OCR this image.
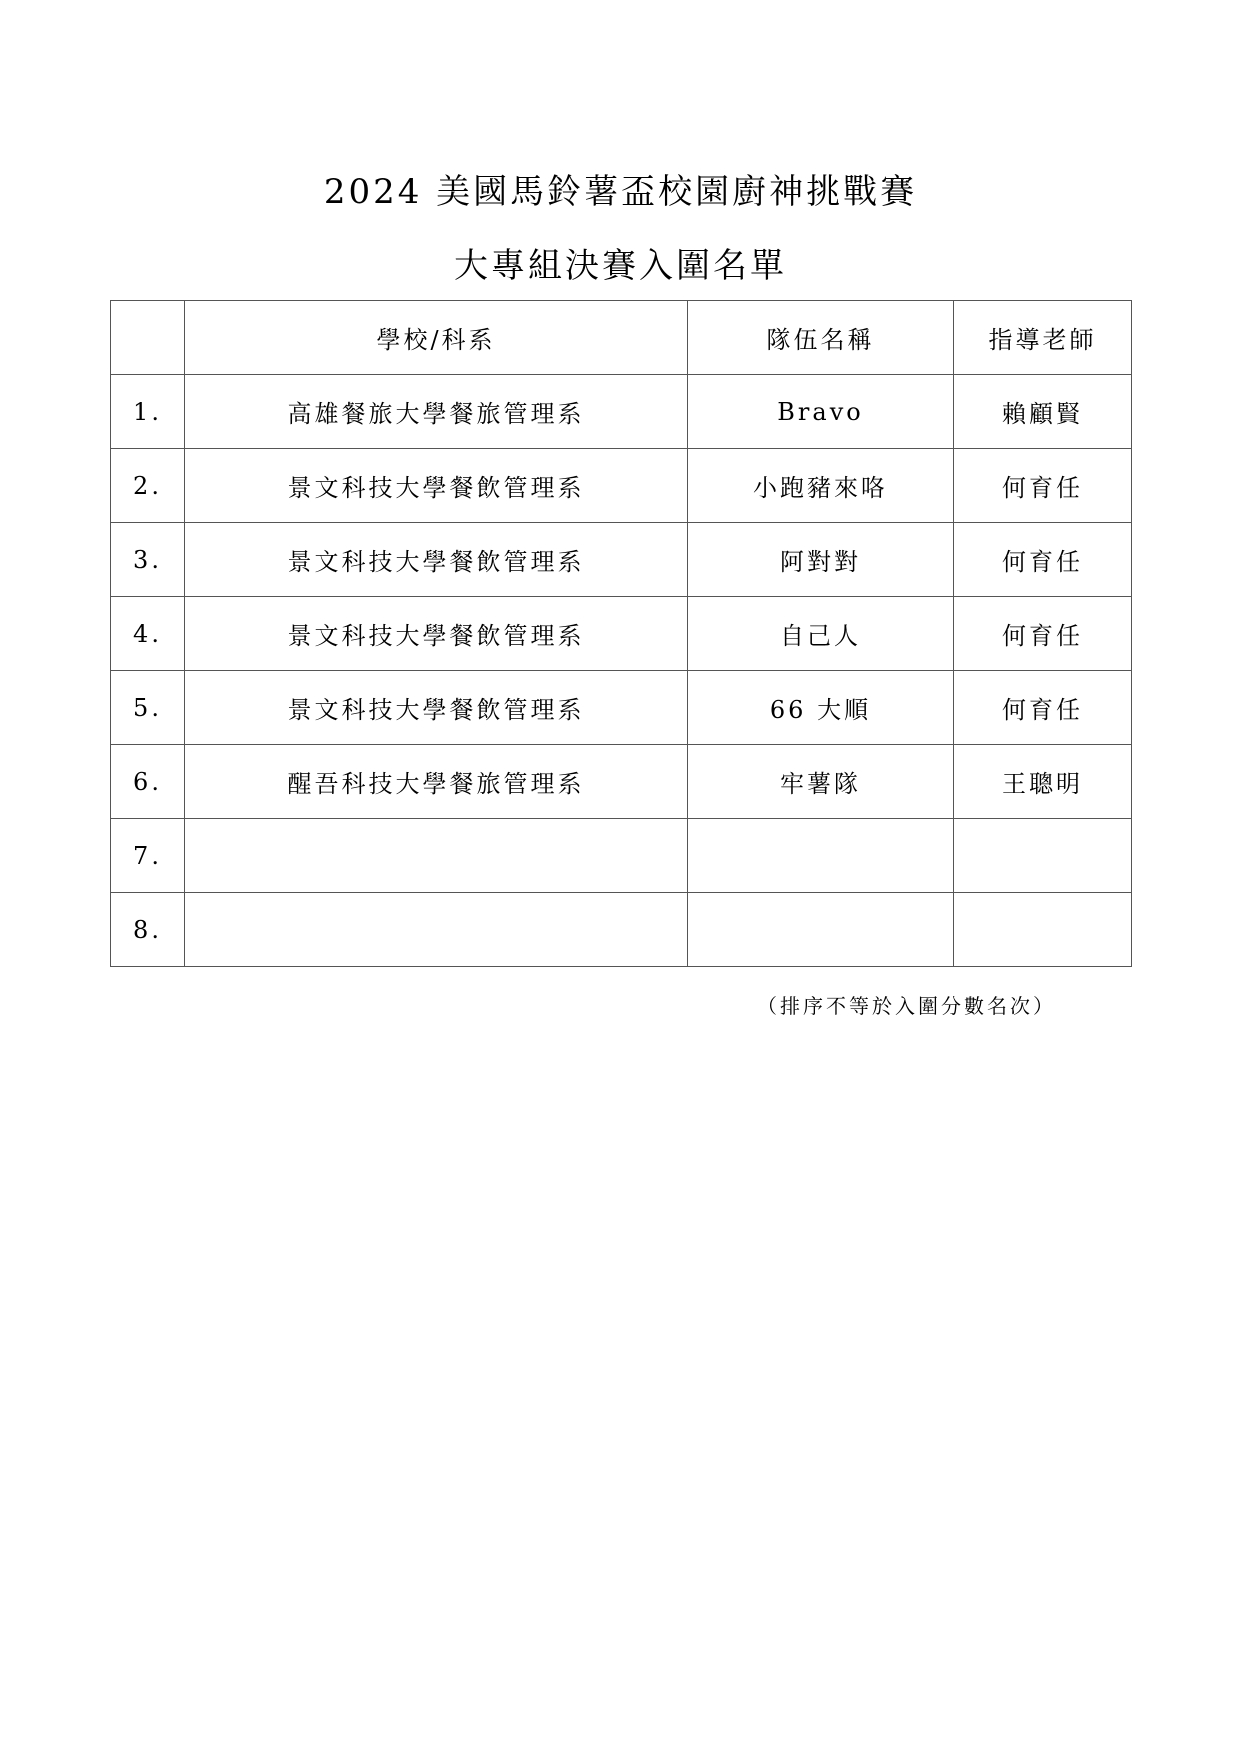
2024 美國馬鈴薯盃校園廚神挑戰賽
大專組決賽入圍名單
	學校/科系	隊伍名稱	指導老師
1.	高雄餐旅大學餐旅管理系	Bravo	賴顧賢
2.	景文科技大學餐飲管理系	小跑豬來咯	何育任
3.	景文科技大學餐飲管理系	阿對對	何育任
4.	景文科技大學餐飲管理系	自己人	何育任
5.	景文科技大學餐飲管理系	66 大順	何育任
6.	醒吾科技大學餐旅管理系	牢薯隊	王聰明
7.			
8.			
（排序不等於入圍分數名次）
